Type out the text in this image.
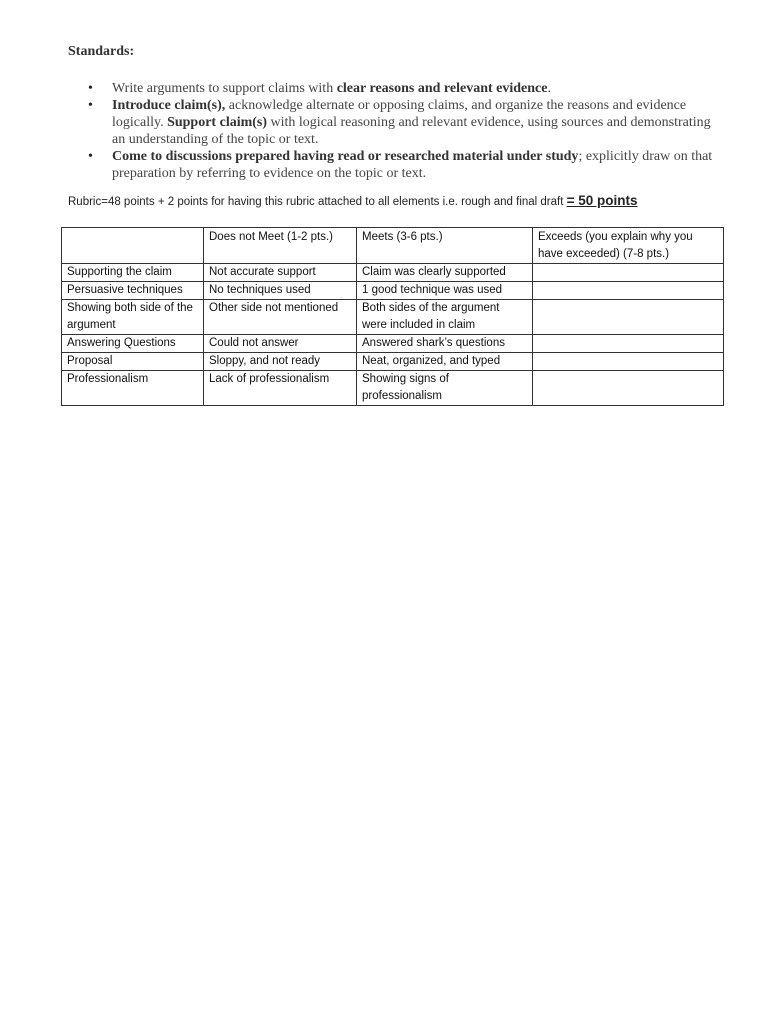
Standards:

• Write arguments to support claims with clear reasons and relevant evidence.
• Introduce claim(s), acknowledge alternate or opposing claims, and organize the reasons and evidence logically. Support claim(s) with logical reasoning and relevant evidence, using sources and demonstrating an understanding of the topic or text.
• Come to discussions prepared having read or researched material under study; explicitly draw on that preparation by referring to evidence on the topic or text.

Rubric=48 points + 2 points for having this rubric attached to all elements i.e. rough and final draft = 50 points

	Does not Meet (1-2 pts.)	Meets (3-6 pts.)	Exceeds (you explain why you have exceeded) (7-8 pts.)
Supporting the claim	Not accurate support	Claim was clearly supported	
Persuasive techniques	No techniques used	1 good technique was used	
Showing both side of the argument	Other side not mentioned	Both sides of the argument were included in claim	
Answering Questions	Could not answer	Answered shark’s questions	
Proposal	Sloppy, and not ready	Neat, organized, and typed	
Professionalism	Lack of professionalism	Showing signs of professionalism	
